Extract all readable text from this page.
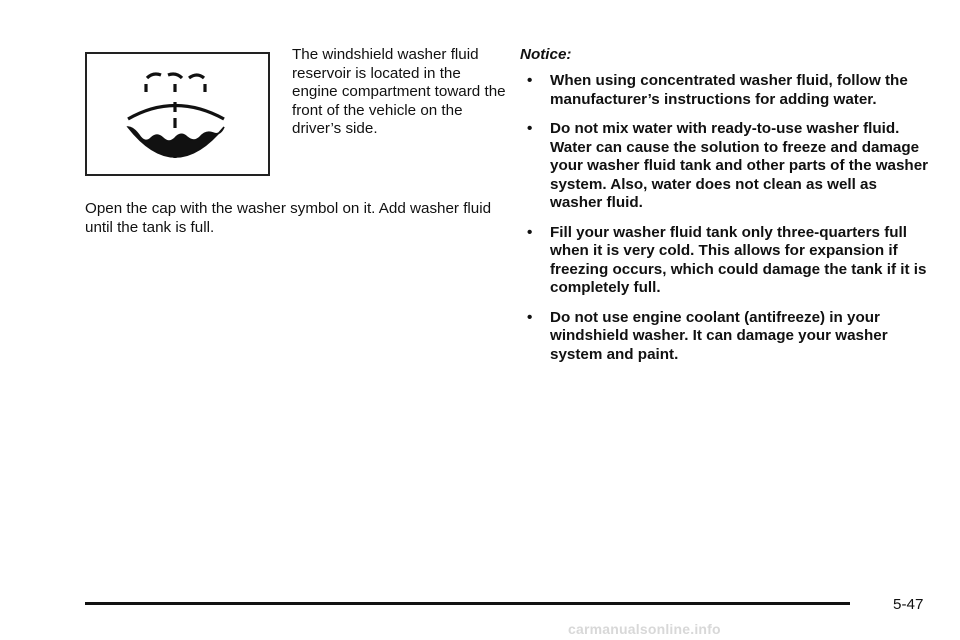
The windshield washer fluid reservoir is located in the engine compartment toward the front of the vehicle on the driver’s side.

Open the cap with the washer symbol on it. Add washer fluid until the tank is full.

Notice:

• When using concentrated washer fluid, follow the manufacturer’s instructions for adding water.
• Do not mix water with ready-to-use washer fluid. Water can cause the solution to freeze and damage your washer fluid tank and other parts of the washer system. Also, water does not clean as well as washer fluid.
• Fill your washer fluid tank only three-quarters full when it is very cold. This allows for expansion if freezing occurs, which could damage the tank if it is completely full.
• Do not use engine coolant (antifreeze) in your windshield washer. It can damage your washer system and paint.
5-47
carmanualsonline.info
